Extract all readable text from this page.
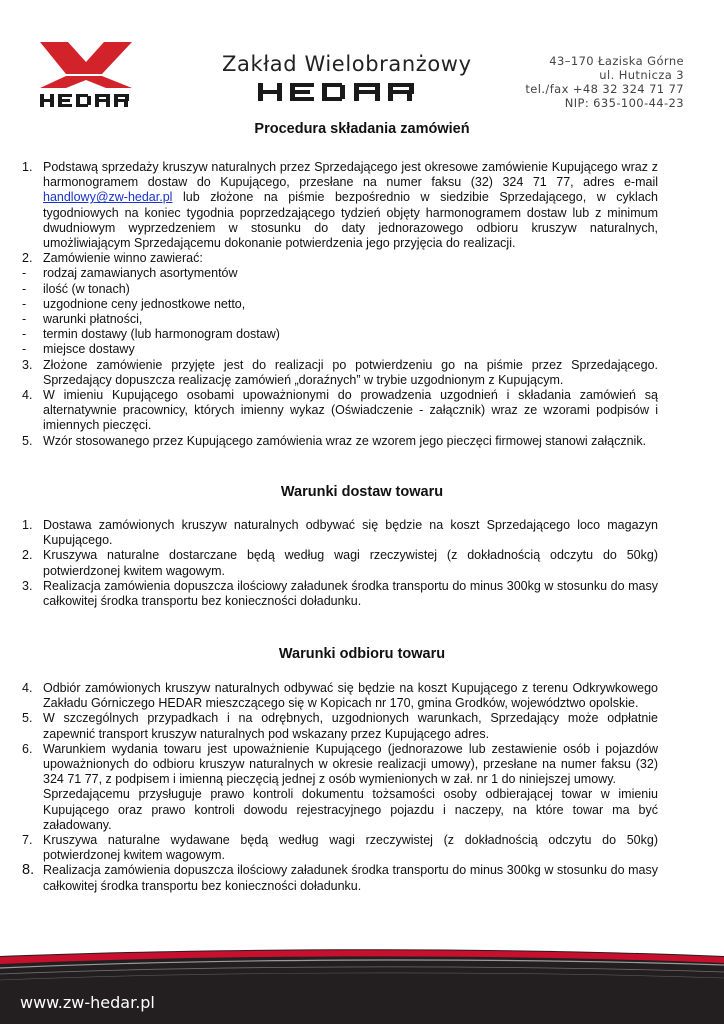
Zakład Wielobranżowy	43–170 Łaziska Górne
ul. Hutnicza 3
tel./fax +48 32 324 71 77
NIP: 635-100-44-23
Procedura składania zamówień
1. Podstawą sprzedaży kruszyw naturalnych przez Sprzedającego jest okresowe zamówienie Kupującego wraz z harmonogramem dostaw do Kupującego, przesłane na numer faksu (32) 324 71 77, adres e-mail handlowy@zw-hedar.pl lub złożone na piśmie bezpośrednio w siedzibie Sprzedającego, w cyklach tygodniowych na koniec tygodnia poprzedzającego tydzień objęty harmonogramem dostaw lub z minimum dwudniowym wyprzedzeniem w stosunku do daty jednorazowego odbioru kruszyw naturalnych, umożliwiającym Sprzedającemu dokonanie potwierdzenia jego przyjęcia do realizacji.
2. Zamówienie winno zawierać:
-	rodzaj zamawianych asortymentów
-	ilość (w tonach)
-	uzgodnione ceny jednostkowe netto,
-	warunki płatności,
-	termin dostawy (lub harmonogram dostaw)
-	miejsce dostawy
3. Złożone zamówienie przyjęte jest do realizacji po potwierdzeniu go na piśmie przez Sprzedającego. Sprzedający dopuszcza realizację zamówień „doraźnych” w trybie uzgodnionym z Kupującym.
4. W imieniu Kupującego osobami upoważnionymi do prowadzenia uzgodnień i składania zamówień są alternatywnie pracownicy, których imienny wykaz (Oświadczenie - załącznik) wraz ze wzorami podpisów i imiennych pieczęci.
5. Wzór stosowanego przez Kupującego zamówienia wraz ze wzorem jego pieczęci firmowej stanowi załącznik.
Warunki dostaw towaru
1. Dostawa zamówionych kruszyw naturalnych odbywać się będzie na koszt Sprzedającego loco magazyn Kupującego.
2. Kruszywa naturalne dostarczane będą według wagi rzeczywistej (z dokładnością odczytu do 50kg) potwierdzonej kwitem wagowym.
3. Realizacja zamówienia dopuszcza ilościowy załadunek środka transportu do minus 300kg w stosunku do masy całkowitej środka transportu bez konieczności doładunku.
Warunki odbioru towaru
4. Odbiór zamówionych kruszyw naturalnych odbywać się będzie na koszt Kupującego z terenu Odkrywkowego Zakładu Górniczego HEDAR mieszczącego się w Kopicach nr 170, gmina Grodków, województwo opolskie.
5. W szczególnych przypadkach i na odrębnych, uzgodnionych warunkach, Sprzedający może odpłatnie zapewnić transport kruszyw naturalnych pod wskazany przez Kupującego adres.
6. Warunkiem wydania towaru jest upoważnienie Kupującego (jednorazowe lub zestawienie osób i pojazdów upoważnionych do odbioru kruszyw naturalnych w okresie realizacji umowy), przesłane na numer faksu (32) 324 71 77, z podpisem i imienną pieczęcią jednej z osób wymienionych w zał. nr 1 do niniejszej umowy.
Sprzedającemu przysługuje prawo kontroli dokumentu tożsamości osoby odbierającej towar w imieniu Kupującego oraz prawo kontroli dowodu rejestracyjnego pojazdu i naczepy, na które towar ma być załadowany.
7. Kruszywa naturalne wydawane będą według wagi rzeczywistej (z dokładnością odczytu do 50kg) potwierdzonej kwitem wagowym.
8. Realizacja zamówienia dopuszcza ilościowy załadunek środka transportu do minus 300kg w stosunku do masy całkowitej środka transportu bez konieczności doładunku.
www.zw-hedar.pl
